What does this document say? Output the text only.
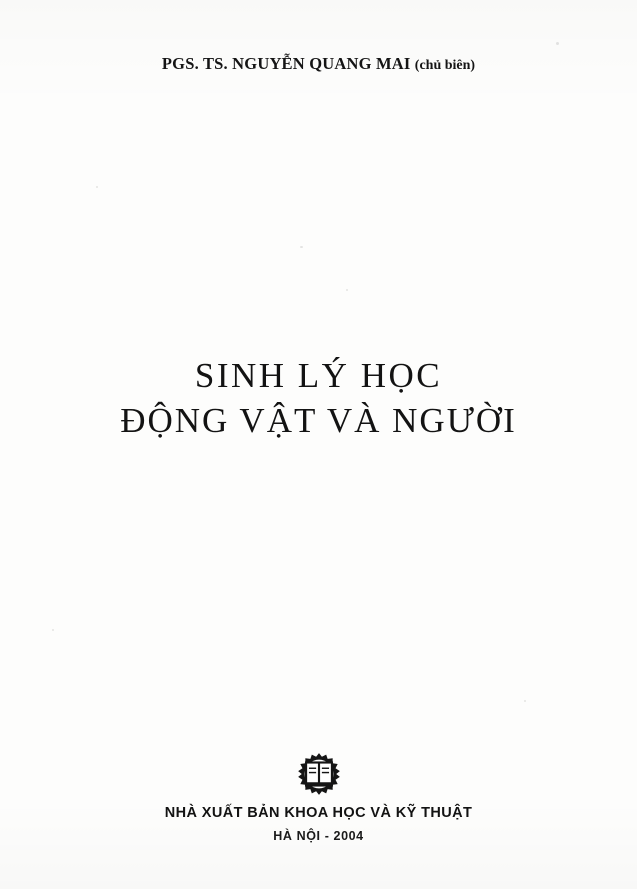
PGS. TS. NGUYỄN QUANG MAI (chủ biên)
SINH LÝ HỌC
ĐỘNG VẬT VÀ NGƯỜI
NHÀ XUẤT BẢN KHOA HỌC VÀ KỸ THUẬT
HÀ NỘI - 2004
